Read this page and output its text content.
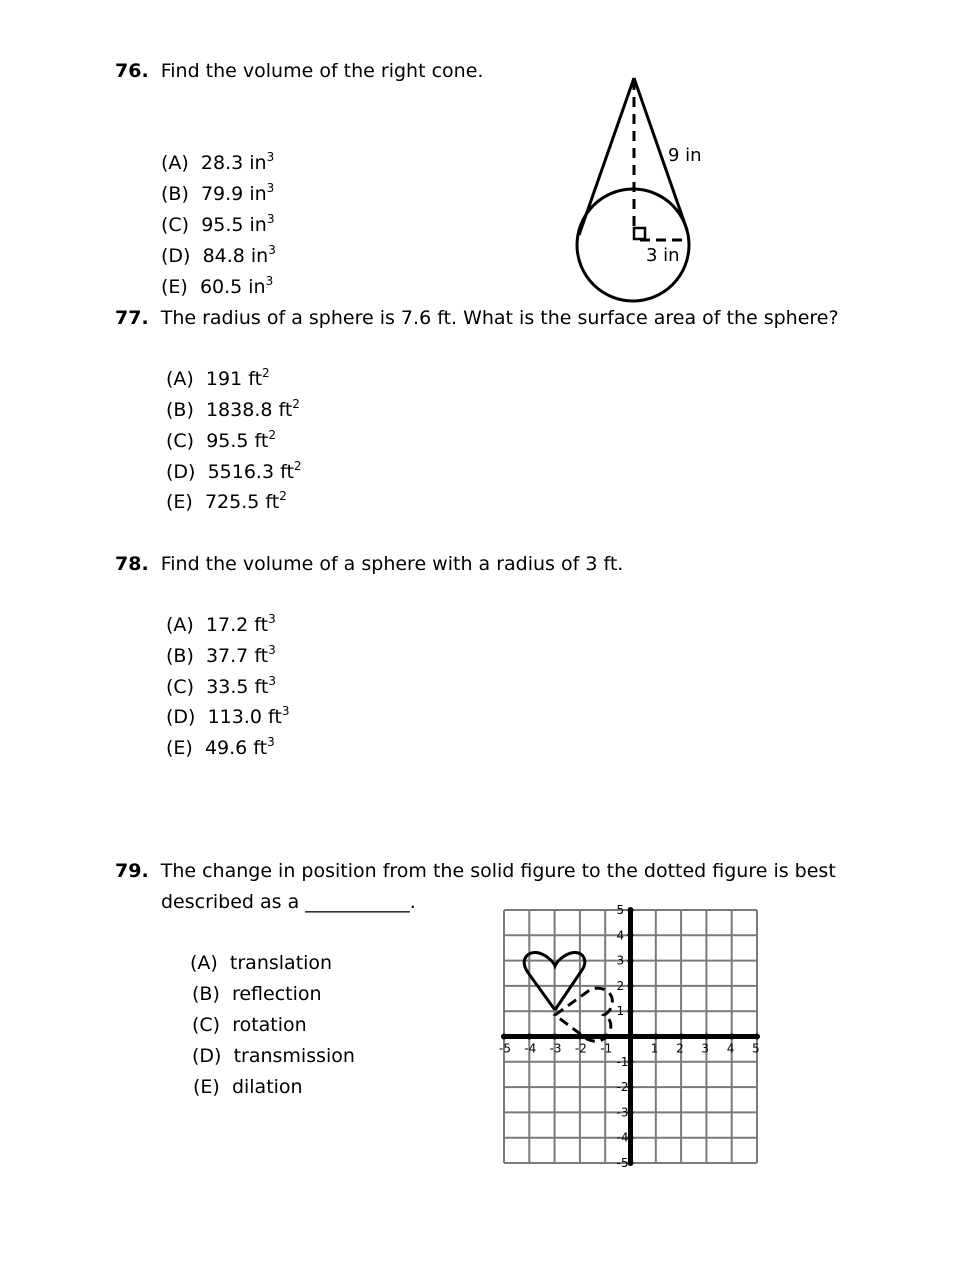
76. Find the volume of the right cone.
(A) 28.3 $in^3$
(B) 79.9 $in^3$
(C) 95.5 $in^3$
(D) 84.8 $in^3$
(E) 60.5 $in^3$
9 in
3 in
77. The radius of a sphere is 7.6 ft. What is the surface area of the sphere?
(A) 191 $ft^2$
(B) 1838.8 $ft^2$
(C) 95.5 $ft^2$
(D) 5516.3 $ft^2$
(E) 725.5 $ft^2$
78. Find the volume of a sphere with a radius of 3 ft.
(A) 17.2 $ft^3$
(B) 37.7 $ft^3$
(C) 33.5 $ft^3$
(D) 113.0 $ft^3$
(E) 49.6 $ft^3$
79. The change in position from the solid figure to the dotted figure is best
described as a ___________.
(A) translation
(B) reflection
(C) rotation
(D) transmission
(E) dilation
-5 -4 -3 -2 -1	1 2 3 4 5
5
4
3
2
1
-1
-2
-3
-4
-5
